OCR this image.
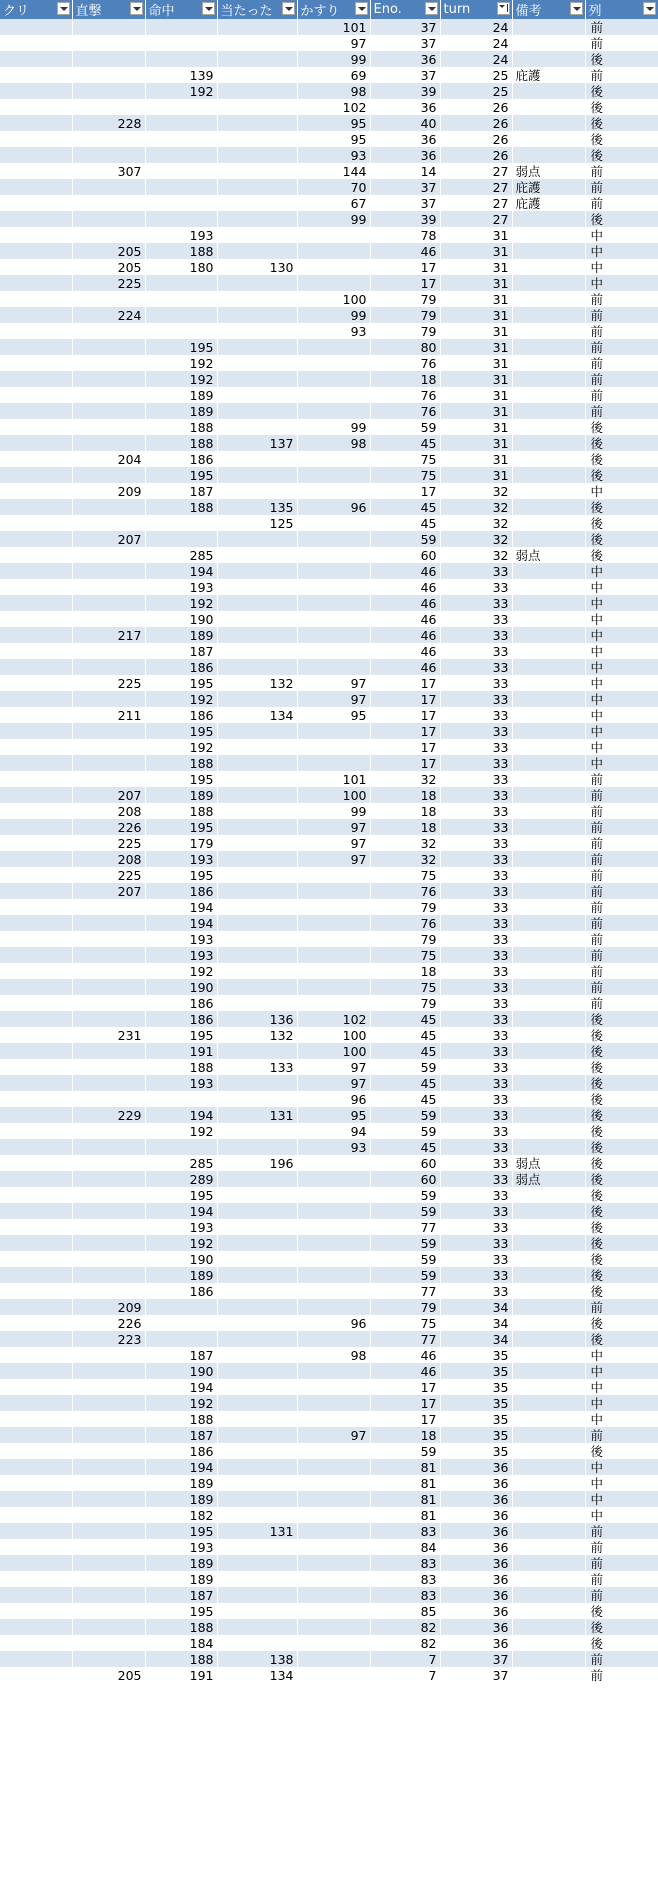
クリ	直撃	命中	当たった	かすり	Eno.	turn	備考	列

				101	37	24		前
				97	37	24		前
				99	36	24		後
		139		69	37	25	庇護	前
		192		98	39	25		後
				102	36	26		後
	228			95	40	26		後
				95	36	26		後
				93	36	26		後
	307			144	14	27	弱点	前
				70	37	27	庇護	前
				67	37	27	庇護	前
				99	39	27		後
		193			78	31		中
	205	188			46	31		中
	205	180	130		17	31		中
	225				17	31		中
				100	79	31		前
	224			99	79	31		前
				93	79	31		前
		195			80	31		前
		192			76	31		前
		192			18	31		前
		189			76	31		前
		189			76	31		前
		188		99	59	31		後
		188	137	98	45	31		後
	204	186			75	31		後
		195			75	31		後
	209	187			17	32		中
		188	135	96	45	32		後
			125		45	32		後
	207				59	32		後
		285			60	32	弱点	後
		194			46	33		中
		193			46	33		中
		192			46	33		中
		190			46	33		中
	217	189			46	33		中
		187			46	33		中
		186			46	33		中
	225	195	132	97	17	33		中
		192		97	17	33		中
	211	186	134	95	17	33		中
		195			17	33		中
		192			17	33		中
		188			17	33		中
		195		101	32	33		前
	207	189		100	18	33		前
	208	188		99	18	33		前
	226	195		97	18	33		前
	225	179		97	32	33		前
	208	193		97	32	33		前
	225	195			75	33		前
	207	186			76	33		前
		194			79	33		前
		194			76	33		前
		193			79	33		前
		193			75	33		前
		192			18	33		前
		190			75	33		前
		186			79	33		前
		186	136	102	45	33		後
	231	195	132	100	45	33		後
		191		100	45	33		後
		188	133	97	59	33		後
		193		97	45	33		後
				96	45	33		後
	229	194	131	95	59	33		後
		192		94	59	33		後
				93	45	33		後
		285	196		60	33	弱点	後
		289			60	33	弱点	後
		195			59	33		後
		194			59	33		後
		193			77	33		後
		192			59	33		後
		190			59	33		後
		189			59	33		後
		186			77	33		後
	209				79	34		前
	226			96	75	34		後
	223				77	34		後
		187		98	46	35		中
		190			46	35		中
		194			17	35		中
		192			17	35		中
		188			17	35		中
		187		97	18	35		前
		186			59	35		後
		194			81	36		中
		189			81	36		中
		189			81	36		中
		182			81	36		中
		195	131		83	36		前
		193			84	36		前
		189			83	36		前
		189			83	36		前
		187			83	36		前
		195			85	36		後
		188			82	36		後
		184			82	36		後
		188	138		7	37		前
	205	191	134		7	37		前
